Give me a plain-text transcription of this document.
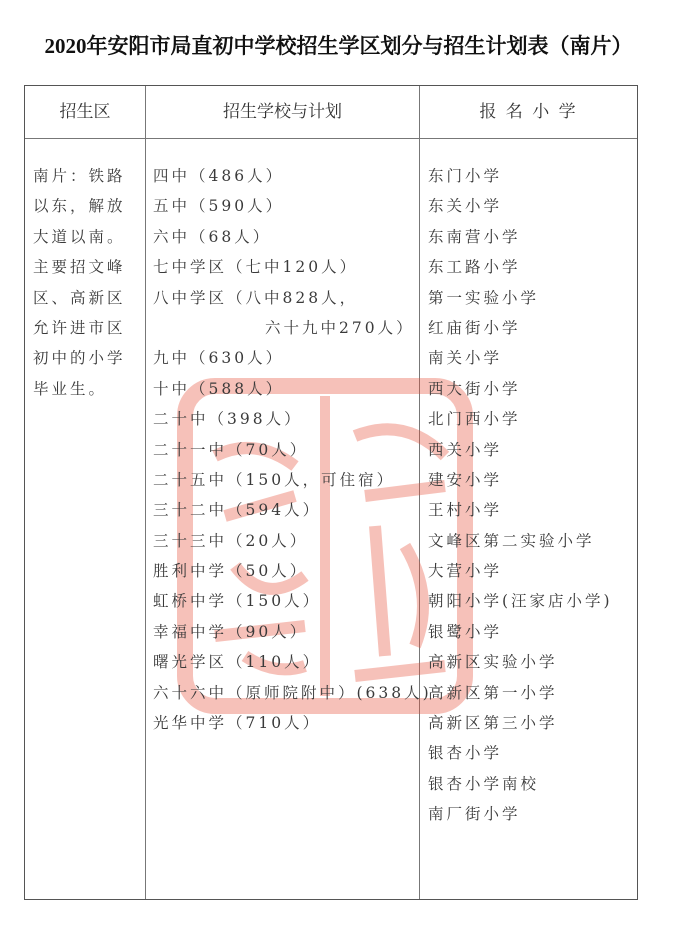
2020年安阳市局直初中学校招生学区划分与招生计划表（南片）
招生区	招生学校与计划	报 名 小 学
南片：铁路
以东，解放
大道以南。
主要招文峰
区、高新区
允许进市区
初中的小学
毕业生。
四中（486人）
五中（590人）
六中（68人）
七中学区（七中120人）
八中学区（八中828人，
六十九中270人）
九中（630人）
十中（588人）
二十中（398人）
二十一中（70人）
二十五中（150人，可住宿）
三十二中（594人）
三十三中（20人）
胜利中学（50人）
虹桥中学（150人）
幸福中学（90人）
曙光学区（110人）
六十六中（原师院附中）(638人)
光华中学（710人）
东门小学
东关小学
东南营小学
东工路小学
第一实验小学
红庙街小学
南关小学
西大街小学
北门西小学
西关小学
建安小学
王村小学
文峰区第二实验小学
大营小学
朝阳小学(汪家店小学)
银鹭小学
高新区实验小学
高新区第一小学
高新区第三小学
银杏小学
银杏小学南校
南厂街小学
